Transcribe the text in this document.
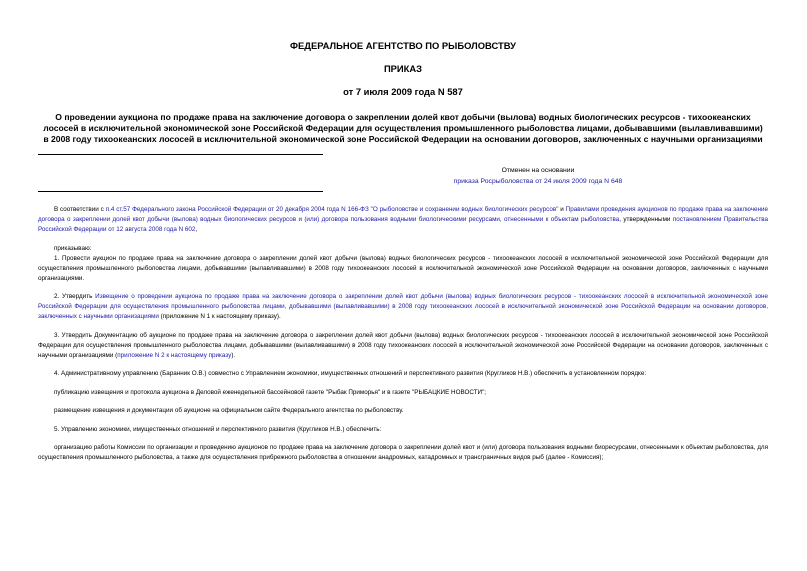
ФЕДЕРАЛЬНОЕ АГЕНТСТВО ПО РЫБОЛОВСТВУ

ПРИКАЗ

от 7 июля 2009 года N 587

О проведении аукциона по продаже права на заключение договора о закреплении долей квот добычи (вылова) водных биологических ресурсов - тихоокеанских лососей в исключительной экономической зоне Российской Федерации для осуществления промышленного рыболовства лицами, добывавшими (вылавливавшими) в 2008 году тихоокеанских лососей в исключительной экономической зоне Российской Федерации на основании договоров, заключенных с научными организациями

Отменен на основании
приказа Росрыболовства от 24 июля 2009 года N 648

В соответствии с п.4 ст.57 Федерального закона Российской Федерации от 20 декабря 2004 года N 166-ФЗ "О рыболовстве и сохранении водных биологических ресурсов" и Правилами проведения аукционов по продаже права на заключение договора о закреплении долей квот добычи (вылова) водных биологических ресурсов и (или) договора пользования водными биологическими ресурсами, отнесенными к объектам рыболовства, утвержденными постановлением Правительства Российской Федерации от 12 августа 2008 года N 602,

приказываю:

1. Провести аукцион по продаже права на заключение договора о закреплении долей квот добычи (вылова) водных биологических ресурсов - тихоокеанских лососей в исключительной экономической зоне Российской Федерации для осуществления промышленного рыболовства лицами, добывавшими (вылавливавшими) в 2008 году тихоокеанских лососей в исключительной экономической зоне Российской Федерации на основании договоров, заключенных с научными организациями.

2. Утвердить Извещение о проведении аукциона по продаже права на заключение договора о закреплении долей квот добычи (вылова) водных биологических ресурсов - тихоокеанских лососей в исключительной экономической зоне Российской Федерации для осуществления промышленного рыболовства лицами, добывавшими (вылавливавшими) в 2008 году тихоокеанских лососей в исключительной экономической зоне Российской Федерации на основании договоров, заключенных с научными организациями (приложение N 1 к настоящему приказу).

3. Утвердить Документацию об аукционе по продаже права на заключение договора о закреплении долей квот добычи (вылова) водных биологических ресурсов - тихоокеанских лососей в исключительной экономической зоне Российской Федерации для осуществления промышленного рыболовства лицами, добывавшими (вылавливавшими) в 2008 году тихоокеанских лососей в исключительной экономической зоне Российской Федерации на основании договоров, заключенных с научными организациями (приложение N 2 к настоящему приказу).

4. Административному управлению (Баранник О.В.) совместно с Управлением экономики, имущественных отношений и перспективного развития (Кругликов Н.В.) обеспечить в установленном порядке:

публикацию извещения и протокола аукциона в Деловой еженедельной бассейновой газете "Рыбак Приморья" и в газете "РЫБАЦКИЕ НОВОСТИ";

размещение извещения и документации об аукционе на официальном сайте Федерального агентства по рыболовству.

5. Управлению экономики, имущественных отношений и перспективного развития (Кругликов Н.В.) обеспечить:

организацию работы Комиссии по организации и проведению аукционов по продаже права на заключение договора о закреплении долей квот и (или) договора пользования водными биоресурсами, отнесенными к объектам рыболовства, для осуществления промышленного рыболовства, а также для осуществления прибрежного рыболовства в отношении анадромных, катадромных и трансграничных видов рыб (далее - Комиссия);
